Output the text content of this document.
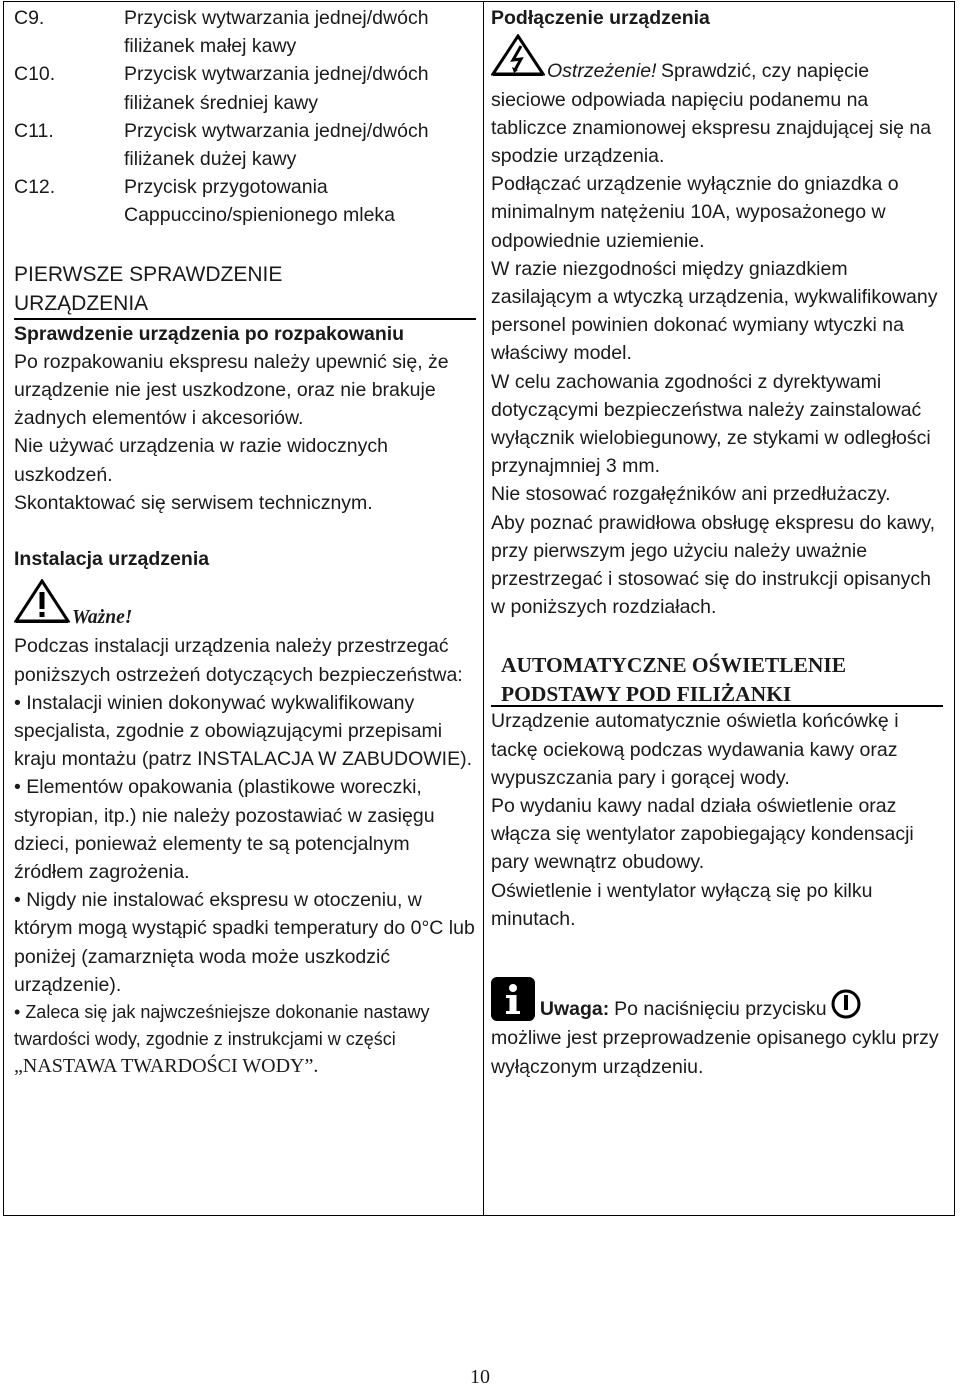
C9.	Przycisk wytwarzania jednej/dwóch filiżanek małej kawy
C10.	Przycisk wytwarzania jednej/dwóch filiżanek średniej kawy
C11.	Przycisk wytwarzania jednej/dwóch filiżanek dużej kawy
C12.	Przycisk przygotowania Cappuccino/spienionego mleka
PIERWSZE SPRAWDZENIE
URZĄDZENIA
Sprawdzenie urządzenia po rozpakowaniu

Po rozpakowaniu ekspresu należy upewnić się, że urządzenie nie jest uszkodzone, oraz nie brakuje żadnych elementów i akcesoriów.

Nie używać urządzenia w razie widocznych uszkodzeń.

Skontaktować się serwisem technicznym.

Instalacja urządzenia
Ważne!

Podczas instalacji urządzenia należy przestrzegać poniższych ostrzeżeń dotyczących bezpieczeństwa:

• Instalacji winien dokonywać wykwalifikowany specjalista, zgodnie z obowiązującymi przepisami kraju montażu (patrz INSTALACJA W ZABUDOWIE).

• Elementów opakowania (plastikowe woreczki, styropian, itp.) nie należy pozostawiać w zasięgu dzieci, ponieważ elementy te są potencjalnym źródłem zagrożenia.

• Nigdy nie instalować ekspresu w otoczeniu, w którym mogą wystąpić spadki temperatury do 0°C lub poniżej (zamarznięta woda może uszkodzić urządzenie).

• Zaleca się jak najwcześniejsze dokonanie nastawy twardości wody, zgodnie z instrukcjami w części „NASTAWA TWARDOŚCI WODY”.

Podłączenie urządzenia
Ostrzeżenie! Sprawdzić, czy napięcie sieciowe odpowiada napięciu podanemu na tabliczce znamionowej ekspresu znajdującej się na spodzie urządzenia.

Podłączać urządzenie wyłącznie do gniazdka o minimalnym natężeniu 10A, wyposażonego w odpowiednie uziemienie.

W razie niezgodności między gniazdkiem zasilającym a wtyczką urządzenia, wykwalifikowany personel powinien dokonać wymiany wtyczki na właściwy model.

W celu zachowania zgodności z dyrektywami dotyczącymi bezpieczeństwa należy zainstalować wyłącznik wielobiegunowy, ze stykami w odległości przynajmniej 3 mm.

Nie stosować rozgałęźników ani przedłużaczy.

Aby poznać prawidłowa obsługę ekspresu do kawy, przy pierwszym jego użyciu należy uważnie przestrzegać i stosować się do instrukcji opisanych w poniższych rozdziałach.

AUTOMATYCZNE OŚWIETLENIE
PODSTAWY POD FILIŻANKI

Urządzenie automatycznie oświetla końcówkę i tackę ociekową podczas wydawania kawy oraz wypuszczania pary i gorącej wody.

Po wydaniu kawy nadal działa oświetlenie oraz włącza się wentylator zapobiegający kondensacji pary wewnątrz obudowy.

Oświetlenie i wentylator wyłączą się po kilku minutach.

Uwaga: Po naciśnięciu przycisku

możliwe jest przeprowadzenie opisanego cyklu przy wyłączonym urządzeniu.

10
